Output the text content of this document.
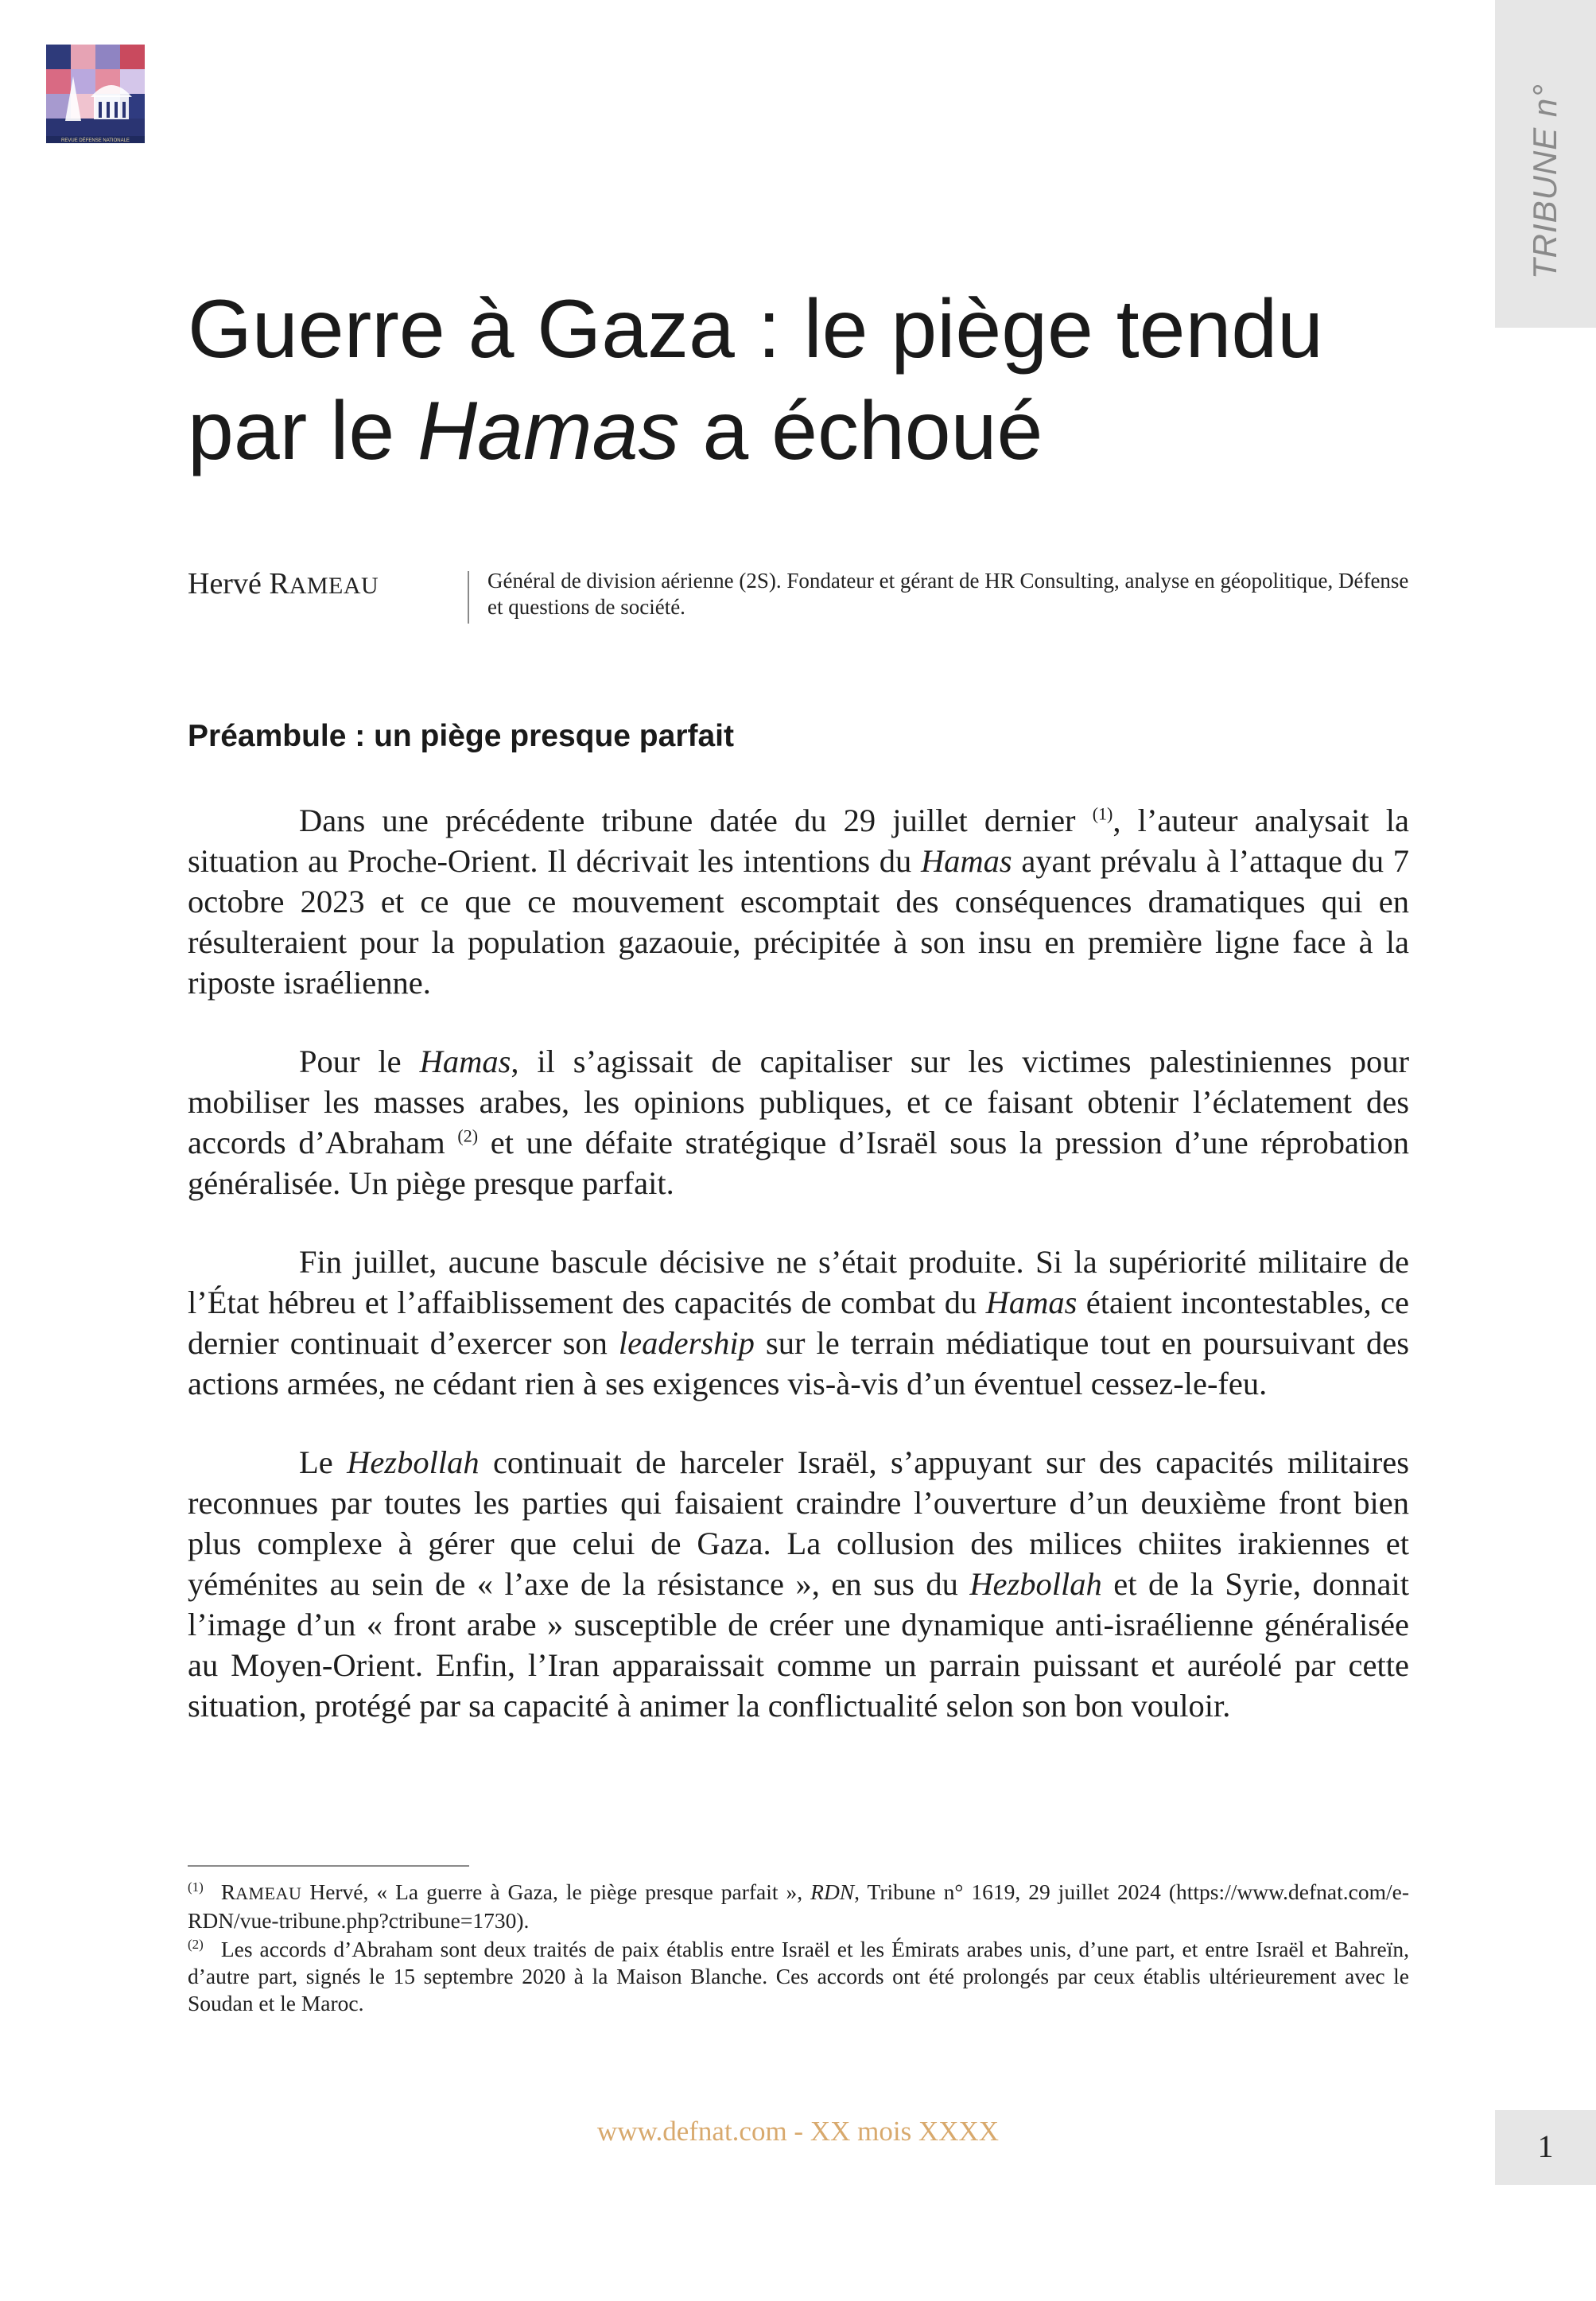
REVUE DÉFENSE NATIONALE	TRIBUNE n°
Guerre à Gaza : le piège tendu
par le Hamas a échoué
Hervé RAMEAU	Général de division aérienne (2S). Fondateur et gérant de HR Consulting, analyse en géopolitique, Défense et questions de société.
Préambule : un piège presque parfait

Dans une précédente tribune datée du 29 juillet dernier $^{(1)}$, l’auteur analysait la situation au Proche-Orient. Il décrivait les intentions du Hamas ayant prévalu à l’attaque du 7 octobre 2023 et ce que ce mouvement escomptait des conséquences dramatiques qui en résulteraient pour la population gazaouie, précipitée à son insu en première ligne face à la riposte israélienne.

Pour le Hamas, il s’agissait de capitaliser sur les victimes palestiniennes pour mobiliser les masses arabes, les opinions publiques, et ce faisant obtenir l’éclatement des accords d’Abraham $^{(2)}$ et une défaite stratégique d’Israël sous la pression d’une réprobation généralisée. Un piège presque parfait.

Fin juillet, aucune bascule décisive ne s’était produite. Si la supériorité militaire de l’État hébreu et l’affaiblissement des capacités de combat du Hamas étaient incontestables, ce dernier continuait d’exercer son leadership sur le terrain médiatique tout en poursuivant des actions armées, ne cédant rien à ses exigences vis-à-vis d’un éventuel cessez-le-feu.

Le Hezbollah continuait de harceler Israël, s’appuyant sur des capacités militaires reconnues par toutes les parties qui faisaient craindre l’ouverture d’un deuxième front bien plus complexe à gérer que celui de Gaza. La collusion des milices chiites irakiennes et yéménites au sein de « l’axe de la résistance », en sus du Hezbollah et de la Syrie, donnait l’image d’un « front arabe » susceptible de créer une dynamique anti-israélienne généralisée au Moyen-Orient. Enfin, l’Iran apparaissait comme un parrain puissant et auréolé par cette situation, protégé par sa capacité à animer la conflictualité selon son bon vouloir.

$^{(1)}$ RAMEAU Hervé, « La guerre à Gaza, le piège presque parfait », RDN, Tribune n° 1619, 29 juillet 2024 (https://www.defnat.com/e-RDN/vue-tribune.php?ctribune=1730).

$^{(2)}$ Les accords d’Abraham sont deux traités de paix établis entre Israël et les Émirats arabes unis, d’une part, et entre Israël et Bahreïn, d’autre part, signés le 15 septembre 2020 à la Maison Blanche. Ces accords ont été prolongés par ceux établis ultérieurement avec le Soudan et le Maroc.

www.defnat.com - XX mois XXXX	1
